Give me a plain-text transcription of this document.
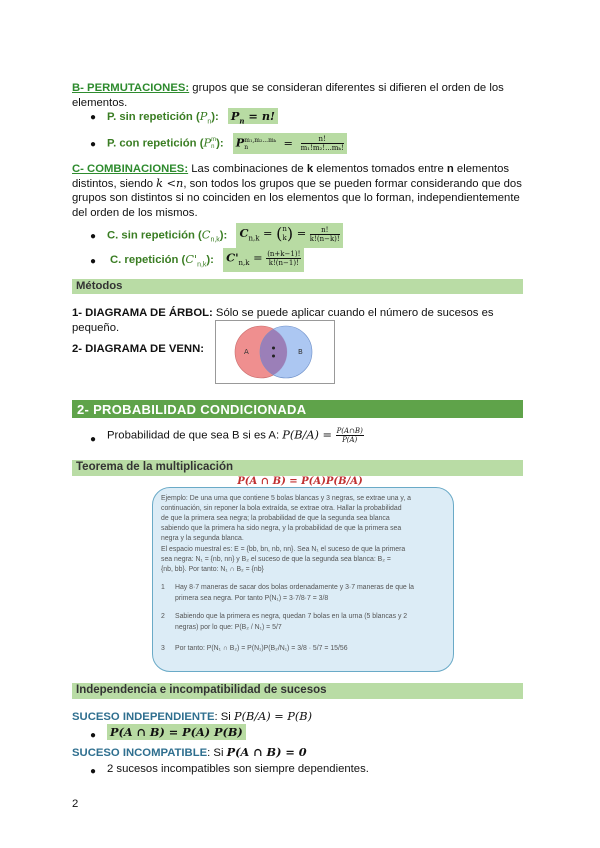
B- PERMUTACIONES: grupos que se consideran diferentes si difieren el orden de los
elementos.
● P. sin repetición $(P_n)$: $P_n = n$!
● P. con repetición (P m
n ): P m₁,m₂...mₖ
n	= $\frac{n!}{\text{m₁!m₂!...mₖ!}}$
C- COMBINACIONES: Las combinaciones de k elementos tomados entre n elementos
distintos, siendo k <n, son todos los grupos que se pueden formar considerando que dos
grupos son distintos si no coinciden en los elementos que lo forman, independientemente
del orden de los mismos.
● C. sin repetición $(C_{n,k})$: $C_{n,k}$ = ( n
k ) = $\frac{n!}{k!(n-k)!}$
● C. repetición $(C'_{n,k})$: $C'_{n,k} = \frac{(n+k-1)!}{k!(n-1)!}$
Métodos
1- DIAGRAMA DE ÁRBOL: Sólo se puede aplicar cuando el número de sucesos es
pequeño.
2- DIAGRAMA DE VENN:	A	B
2- PROBABILIDAD CONDICIONADA
● Probabilidad de que sea B si es A: $P(B/A) = \frac{P(A\cap B)}{P(A)}$
Teorema de la multiplicación
P(A ∩ B) = P(A)P(B/A)
Ejemplo: De una urna que contiene 5 bolas blancas y 3 negras, se extrae una y, a
continuación, sin reponer la bola extraída, se extrae otra. Hallar la probabilidad
de que la primera sea negra; la probabilidad de que la segunda sea blanca
sabiendo que la primera ha sido negra, y la probabilidad de que la primera sea
negra y la segunda blanca.
El espacio muestral es: E = {bb, bn, nb, nn}. Sea N₁ el suceso de que la primera
sea negra: N₁ = {nb, nn} y B₂ el suceso de que la segunda sea blanca: B₂ =
{nb, bb}. Por tanto: N₁ ∩ B₂ = {nb}
1 Hay 8·7 maneras de sacar dos bolas ordenadamente y 3·7 maneras de que la
primera sea negra. Por tanto P(N₁) = 3·7/8·7 = 3/8
2 Sabiendo que la primera es negra, quedan 7 bolas en la urna (5 blancas y 2
negras) por lo que: P(B₂ / N₁) = 5/7
3 Por tanto: P(N₁ ∩ B₂) = P(N₁)P(B₂/N₁) = 3/8 · 5/7 = 15/56
Independencia e incompatibilidad de sucesos
SUCESO INDEPENDIENTE: Si P(B/A) = P(B)
● P(A ∩ B) = P(A) P(B)
SUCESO INCOMPATIBLE: Si P(A ∩ B) = 0
● 2 sucesos incompatibles son siempre dependientes.
2
